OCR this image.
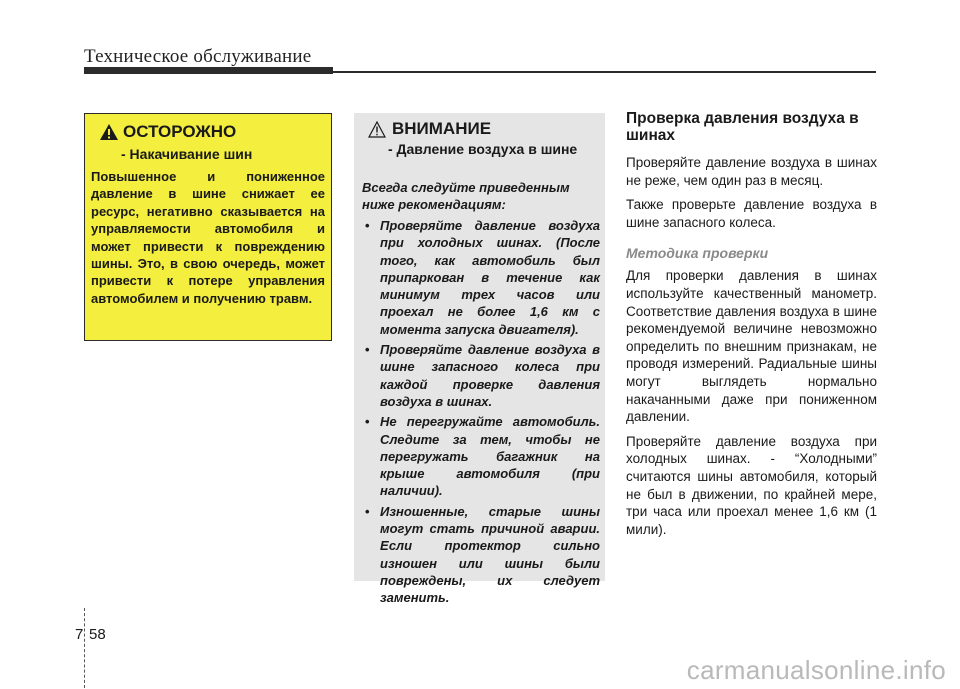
Техническое обслуживание
ОСТОРОЖНО
- Накачивание шин
Повышенное и пониженное давление в шине снижает ее ресурс, негативно сказывается на управляемости автомобиля и может привести к повреждению шины. Это, в свою очередь, может привести к потере управления автомобилем и получению травм.
ВНИМАНИЕ
- Давление воздуха в шине
Всегда следуйте приведенным ниже рекомендациям:
• Проверяйте давление воздуха при холодных шинах. (После того, как автомобиль был припаркован в течение как минимум трех часов или проехал не более 1,6 км с момента запуска двигателя).
• Проверяйте давление воздуха в шине запасного колеса при каждой проверке давления воздуха в шинах.
• Не перегружайте автомобиль. Следите за тем, чтобы не перегружать багажник на крыше автомобиля (при наличии).
• Изношенные, старые шины могут стать причиной аварии. Если протектор сильно изношен или шины были повреждены, их следует заменить.
Проверка давления воздуха в шинах

Проверяйте давление воздуха в шинах не реже, чем один раз в месяц.

Также проверьте давление воздуха в шине запасного колеса.

Методика проверки

Для проверки давления в шинах используйте качественный манометр. Соответствие давления воздуха в шине рекомендуемой величине невозможно определить по внешним признакам, не проводя измерений. Радиальные шины могут выглядеть нормально накачанными даже при пониженном давлении.

Проверяйте давление воздуха при холодных шинах. - “Холодными” считаются шины автомобиля, который не был в движении, по крайней мере, три часа или проехал менее 1,6 км (1 мили).

7 58
carmanualsonline.info
